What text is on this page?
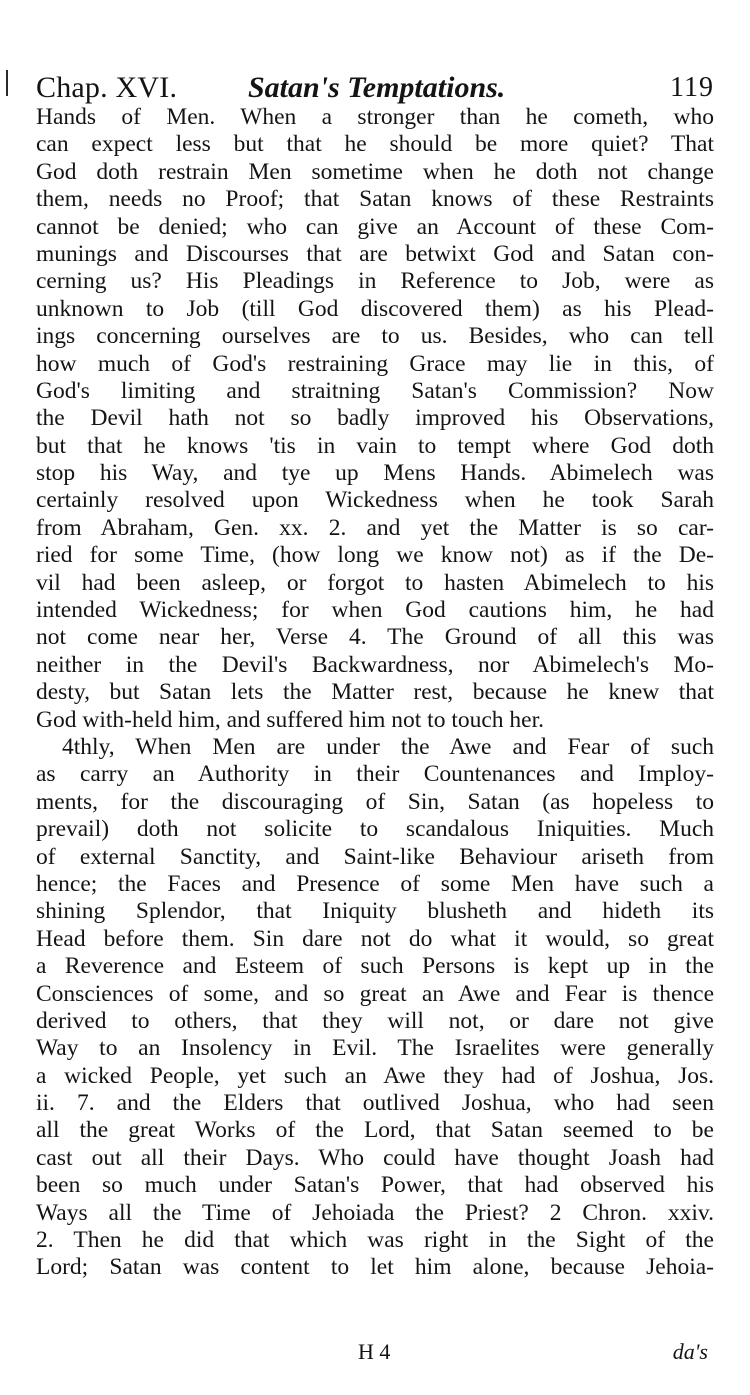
Chap. XVI. Satan's Temptations.	119
Hands of Men. When a stronger than he cometh, who
can expect less but that he should be more quiet? That
God doth restrain Men sometime when he doth not change
them, needs no Proof; that Satan knows of these Restraints
cannot be denied; who can give an Account of these Com-
munings and Discourses that are betwixt God and Satan con-
cerning us? His Pleadings in Reference to Job, were as
unknown to Job (till God discovered them) as his Plead-
ings concerning ourselves are to us. Besides, who can tell
how much of God's restraining Grace may lie in this, of
God's limiting and straitning Satan's Commission? Now
the Devil hath not so badly improved his Observations,
but that he knows 'tis in vain to tempt where God doth
stop his Way, and tye up Mens Hands. Abimelech was
certainly resolved upon Wickedness when he took Sarah
from Abraham, Gen. xx. 2. and yet the Matter is so car-
ried for some Time, (how long we know not) as if the De-
vil had been asleep, or forgot to hasten Abimelech to his
intended Wickedness; for when God cautions him, he had
not come near her, Verse 4. The Ground of all this was
neither in the Devil's Backwardness, nor Abimelech's Mo-
desty, but Satan lets the Matter rest, because he knew that
God with-held him, and suffered him not to touch her.
4thly, When Men are under the Awe and Fear of such
as carry an Authority in their Countenances and Imploy-
ments, for the discouraging of Sin, Satan (as hopeless to
prevail) doth not solicite to scandalous Iniquities. Much
of external Sanctity, and Saint-like Behaviour ariseth from
hence; the Faces and Presence of some Men have such a
shining Splendor, that Iniquity blusheth and hideth its
Head before them. Sin dare not do what it would, so great
a Reverence and Esteem of such Persons is kept up in the
Consciences of some, and so great an Awe and Fear is thence
derived to others, that they will not, or dare not give
Way to an Insolency in Evil. The Israelites were generally
a wicked People, yet such an Awe they had of Joshua, Jos.
ii. 7. and the Elders that outlived Joshua, who had seen
all the great Works of the Lord, that Satan seemed to be
cast out all their Days. Who could have thought Joash had
been so much under Satan's Power, that had observed his
Ways all the Time of Jehoiada the Priest? 2 Chron. xxiv.
2. Then he did that which was right in the Sight of the
Lord; Satan was content to let him alone, because Jehoia-
H 4	da's
